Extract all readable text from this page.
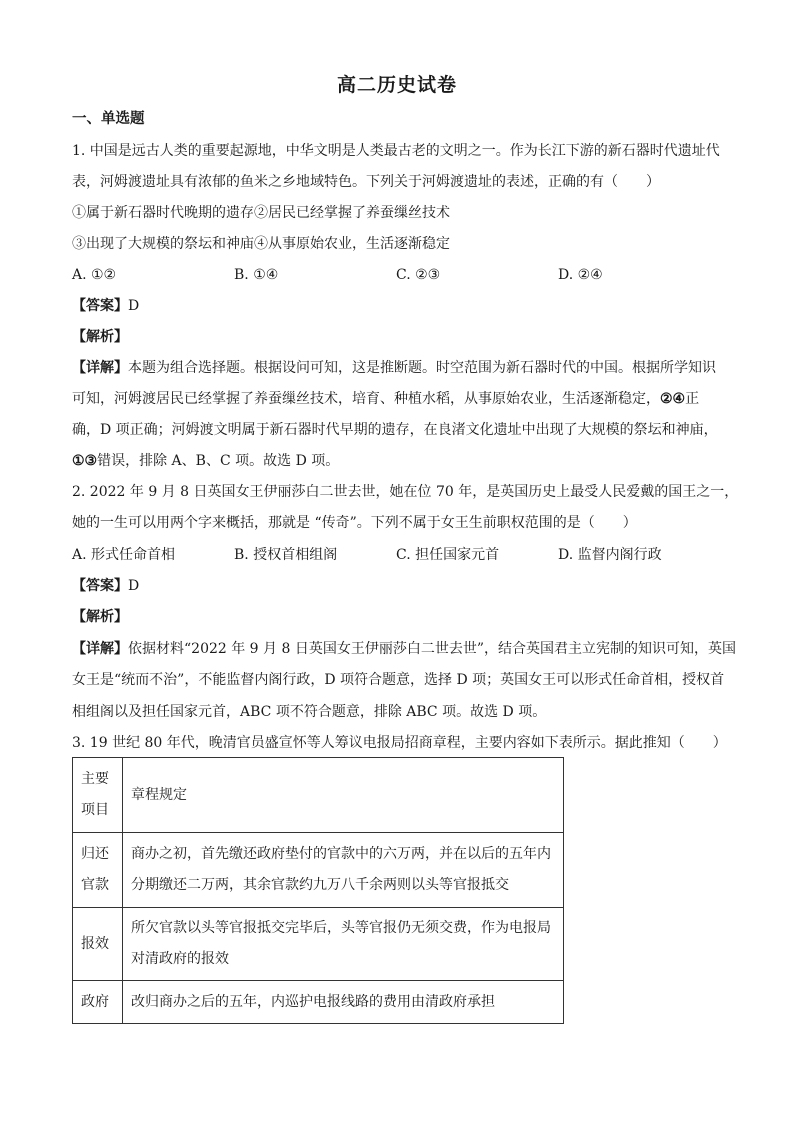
高二历史试卷
一、单选题
1. 中国是远古人类的重要起源地，中华文明是人类最古老的文明之一。作为长江下游的新石器时代遗址代
表，河姆渡遗址具有浓郁的鱼米之乡地域特色。下列关于河姆渡遗址的表述，正确的有（　　）
①属于新石器时代晚期的遗存②居民已经掌握了养蚕缫丝技术
③出现了大规模的祭坛和神庙④从事原始农业，生活逐渐稳定
A. ①②	B. ①④	C. ②③	D. ②④
【答案】D
【解析】
【详解】本题为组合选择题。根据设问可知，这是推断题。时空范围为新石器时代的中国。根据所学知识
可知，河姆渡居民已经掌握了养蚕缫丝技术，培育、种植水稻，从事原始农业，生活逐渐稳定，②④正
确，D 项正确；河姆渡文明属于新石器时代早期的遗存，在良渚文化遗址中出现了大规模的祭坛和神庙，
①③错误，排除 A、B、C 项。故选 D 项。
2. 2022 年 9 月 8 日英国女王伊丽莎白二世去世，她在位 70 年，是英国历史上最受人民爱戴的国王之一，
她的一生可以用两个字来概括，那就是 “传奇”。下列不属于女王生前职权范围的是（　　）
A. 形式任命首相	B. 授权首相组阁	C. 担任国家元首	D. 监督内阁行政
【答案】D
【解析】
【详解】依据材料“2022 年 9 月 8 日英国女王伊丽莎白二世去世”，结合英国君主立宪制的知识可知，英国
女王是“统而不治”，不能监督内阁行政，D 项符合题意，选择 D 项；英国女王可以形式任命首相，授权首
相组阁以及担任国家元首，ABC 项不符合题意，排除 ABC 项。故选 D 项。
3. 19 世纪 80 年代，晚清官员盛宣怀等人筹议电报局招商章程，主要内容如下表所示。据此推知（　　）
主要项目	章程规定
归还官款	商办之初，首先缴还政府垫付的官款中的六万两，并在以后的五年内分期缴还二万两，其余官款约九万八千余两则以头等官报抵交
报效	所欠官款以头等官报抵交完毕后，头等官报仍无须交费，作为电报局对清政府的报效
政府	改归商办之后的五年，内巡护电报线路的费用由清政府承担
